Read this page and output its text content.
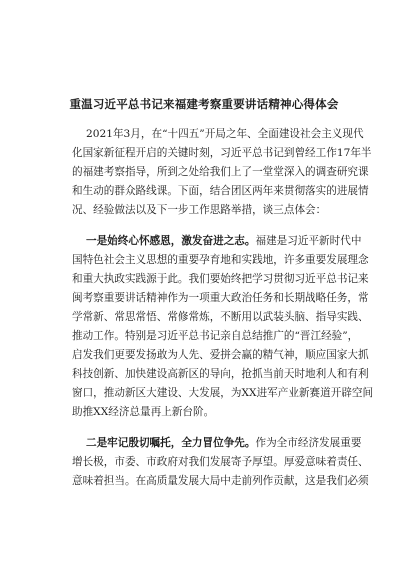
重温习近平总书记来福建考察重要讲话精神心得体会
2021年3月，在“十四五”开局之年、全面建设社会主义现代
化国家新征程开启的关键时刻，习近平总书记到曾经工作17年半
的福建考察指导，所到之处给我们上了一堂堂深入的调查研究课
和生动的群众路线课。下面，结合团区两年来贯彻落实的进展情
况、经验做法以及下一步工作思路举措，谈三点体会：
一是始终心怀感恩，激发奋进之志。福建是习近平新时代中
国特色社会主义思想的重要孕育地和实践地，许多重要发展理念
和重大执政实践源于此。我们要始终把学习贯彻习近平总书记来
闽考察重要讲话精神作为一项重大政治任务和长期战略任务，常
学常新、常思常悟、常修常炼，不断用以武装头脑、指导实践、
推动工作。特别是习近平总书记亲自总结推广的“晋江经验”，
启发我们更要发扬敢为人先、爱拼会赢的精气神，顺应国家大抓
科技创新、加快建设高新区的导向，抢抓当前天时地利人和有利
窗口，推动新区大建设、大发展，为XX进军产业新赛道开辟空间
助推XX经济总量再上新台阶。
二是牢记殷切嘱托，全力冒位争先。作为全市经济发展重要
增长极，市委、市政府对我们发展寄予厚望。厚爱意味着责任、
意味着担当。在高质量发展大局中走前列作贡献，这是我们必须
